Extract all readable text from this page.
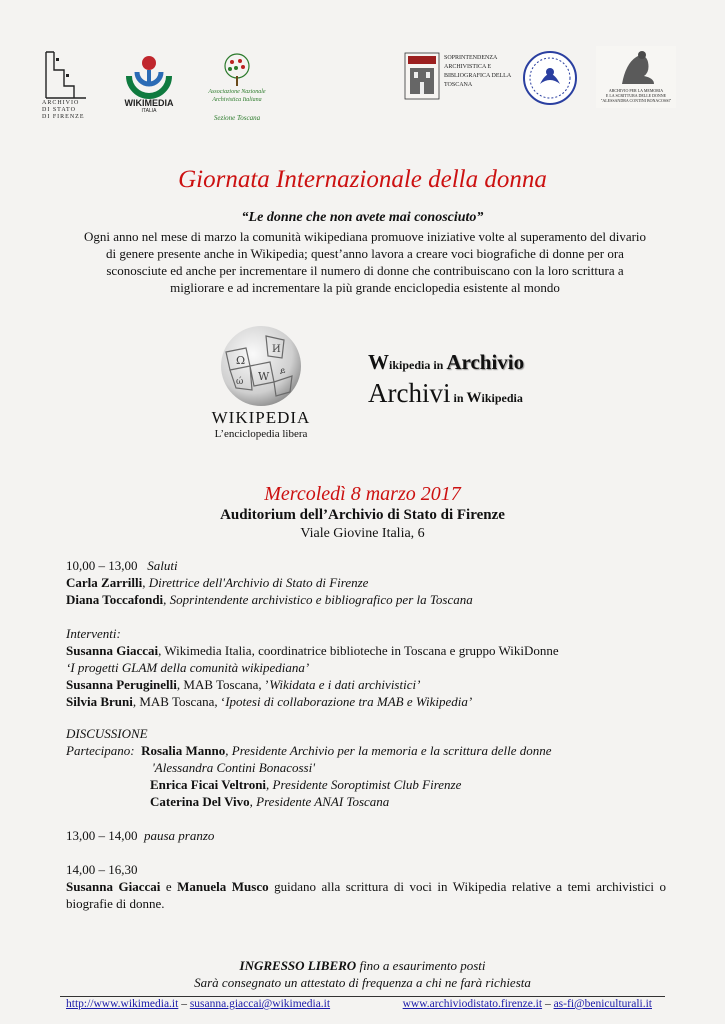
ARCHIVIO
DI STATO
DI FIRENZE
WIKIMEDIA
ITALIA
Associazione Nazionale
Archivistica Italiana
Sezione Toscana
SOPRINTENDENZA
ARCHIVISTICA E
BIBLIOGRAFICA DELLA
TOSCANA
ARCHIVIO PER LA MEMORIA
E LA SCRITTURA DELLE DONNE
"ALESSANDRA CONTINI BONACOSSI"
Giornata Internazionale della donna
“Le donne che non avete mai conosciuto”
Ogni anno nel mese di marzo la comunità wikipediana promuove iniziative volte al superamento del divario
di genere presente anche in Wikipedia; quest’anno lavora a creare voci biografiche di donne per ora
sconosciute ed anche per incrementare il numero di donne che contribuiscano con la loro scrittura a
migliorare e ad incrementare la più grande enciclopedia esistente al mondo
Ω
W
И
ώ
ይ
WIKIPEDIA
L’enciclopedia libera
Wikipedia in Archivio
Archivi in Wikipedia
Mercoledì 8 marzo 2017
Auditorium dell’Archivio di Stato di Firenze
Viale Giovine Italia, 6

10,00 – 13,00 Saluti

Carla Zarrilli, Direttrice dell'Archivio di Stato di Firenze

Diana Toccafondi, Soprintendente archivistico e bibliografico per la Toscana

Interventi:

Susanna Giaccai, Wikimedia Italia, coordinatrice biblioteche in Toscana e gruppo WikiDonne

‘I progetti GLAM della comunità wikipediana’

Susanna Peruginelli, MAB Toscana, ’Wikidata e i dati archivistici’

Silvia Bruni, MAB Toscana, ‘Ipotesi di collaborazione tra MAB e Wikipedia’

DISCUSSIONE

Partecipano: Rosalia Manno, Presidente Archivio per la memoria e la scrittura delle donne

'Alessandra Contini Bonacossi'

Enrica Ficai Veltroni, Presidente Soroptimist Club Firenze

Caterina Del Vivo, Presidente ANAI Toscana

13,00 – 14,00 pausa pranzo

14,00 – 16,30

Susanna Giaccai e Manuela Musco guidano alla scrittura di voci in Wikipedia relative a temi archivistici o biografie di donne.

INGRESSO LIBERO fino a esaurimento posti
Sarà consegnato un attestato di frequenza a chi ne farà richiesta
http://www.wikimedia.it – susanna.giaccai@wikimedia.it	www.archiviodistato.firenze.it – as-fi@beniculturali.it
